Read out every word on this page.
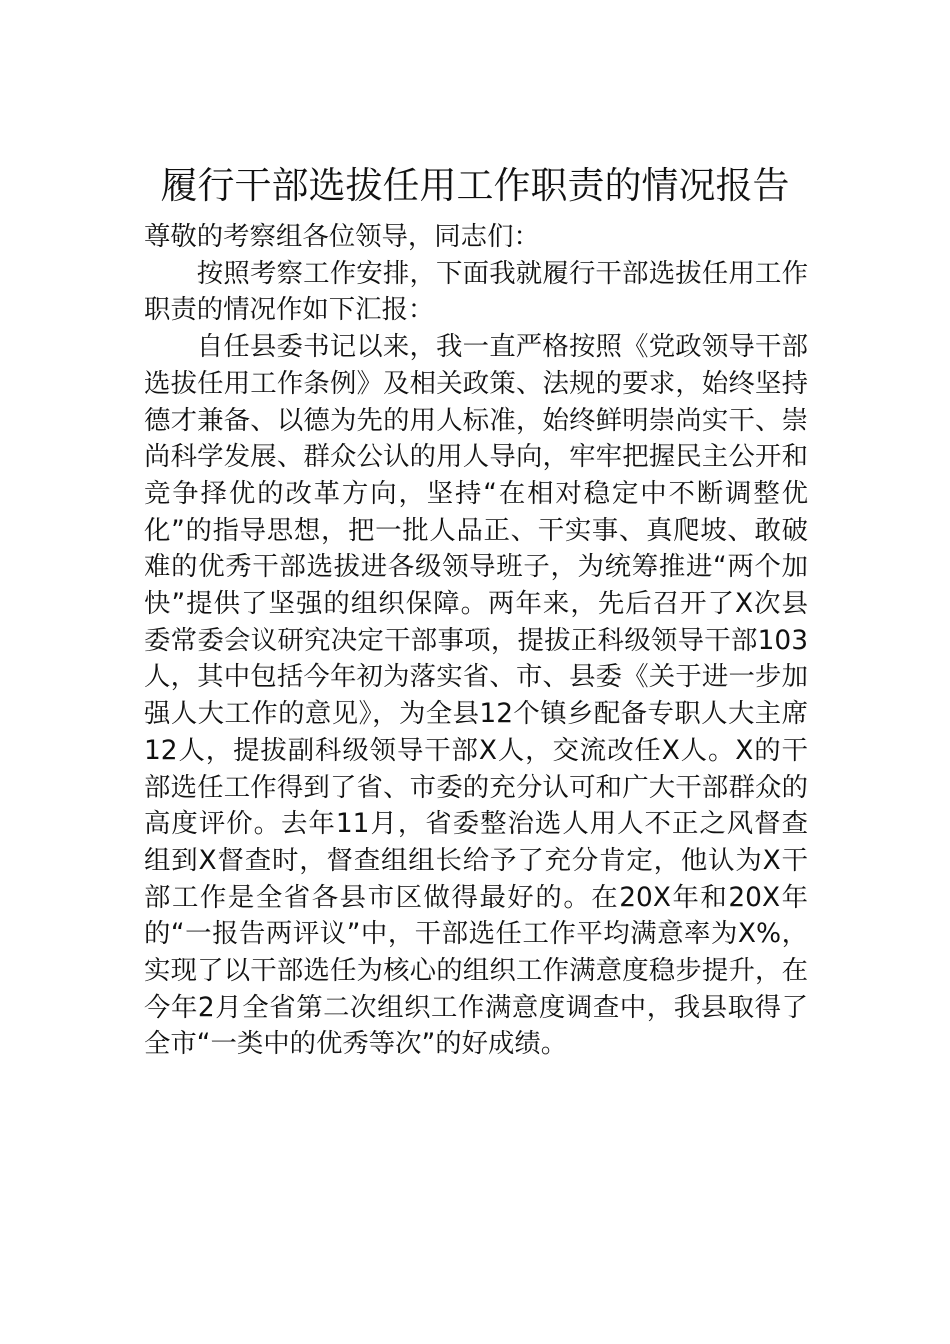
履行干部选拔任用工作职责的情况报告

尊敬的考察组各位领导，同志们：

按照考察工作安排，下面我就履行干部选拔任用工作职责的情况作如下汇报：

自任县委书记以来，我一直严格按照《党政领导干部选拔任用工作条例》及相关政策、法规的要求，始终坚持德才兼备、以德为先的用人标准，始终鲜明崇尚实干、崇尚科学发展、群众公认的用人导向，牢牢把握民主公开和竞争择优的改革方向，坚持“在相对稳定中不断调整优化”的指导思想，把一批人品正、干实事、真爬坡、敢破难的优秀干部选拔进各级领导班子，为统筹推进“两个加快”提供了坚强的组织保障。两年来，先后召开了X次县委常委会议研究决定干部事项，提拔正科级领导干部103人，其中包括今年初为落实省、市、县委《关于进一步加强人大工作的意见》，为全县12个镇乡配备专职人大主席12人，提拔副科级领导干部X人，交流改任X人。X的干部选任工作得到了省、市委的充分认可和广大干部群众的高度评价。去年11月，省委整治选人用人不正之风督查组到X督查时，督查组组长给予了充分肯定，他认为X干部工作是全省各县市区做得最好的。在20X年和20X年的“一报告两评议”中，干部选任工作平均满意率为X%，实现了以干部选任为核心的组织工作满意度稳步提升，在今年2月全省第二次组织工作满意度调查中，我县取得了全市“一类中的优秀等次”的好成绩。
